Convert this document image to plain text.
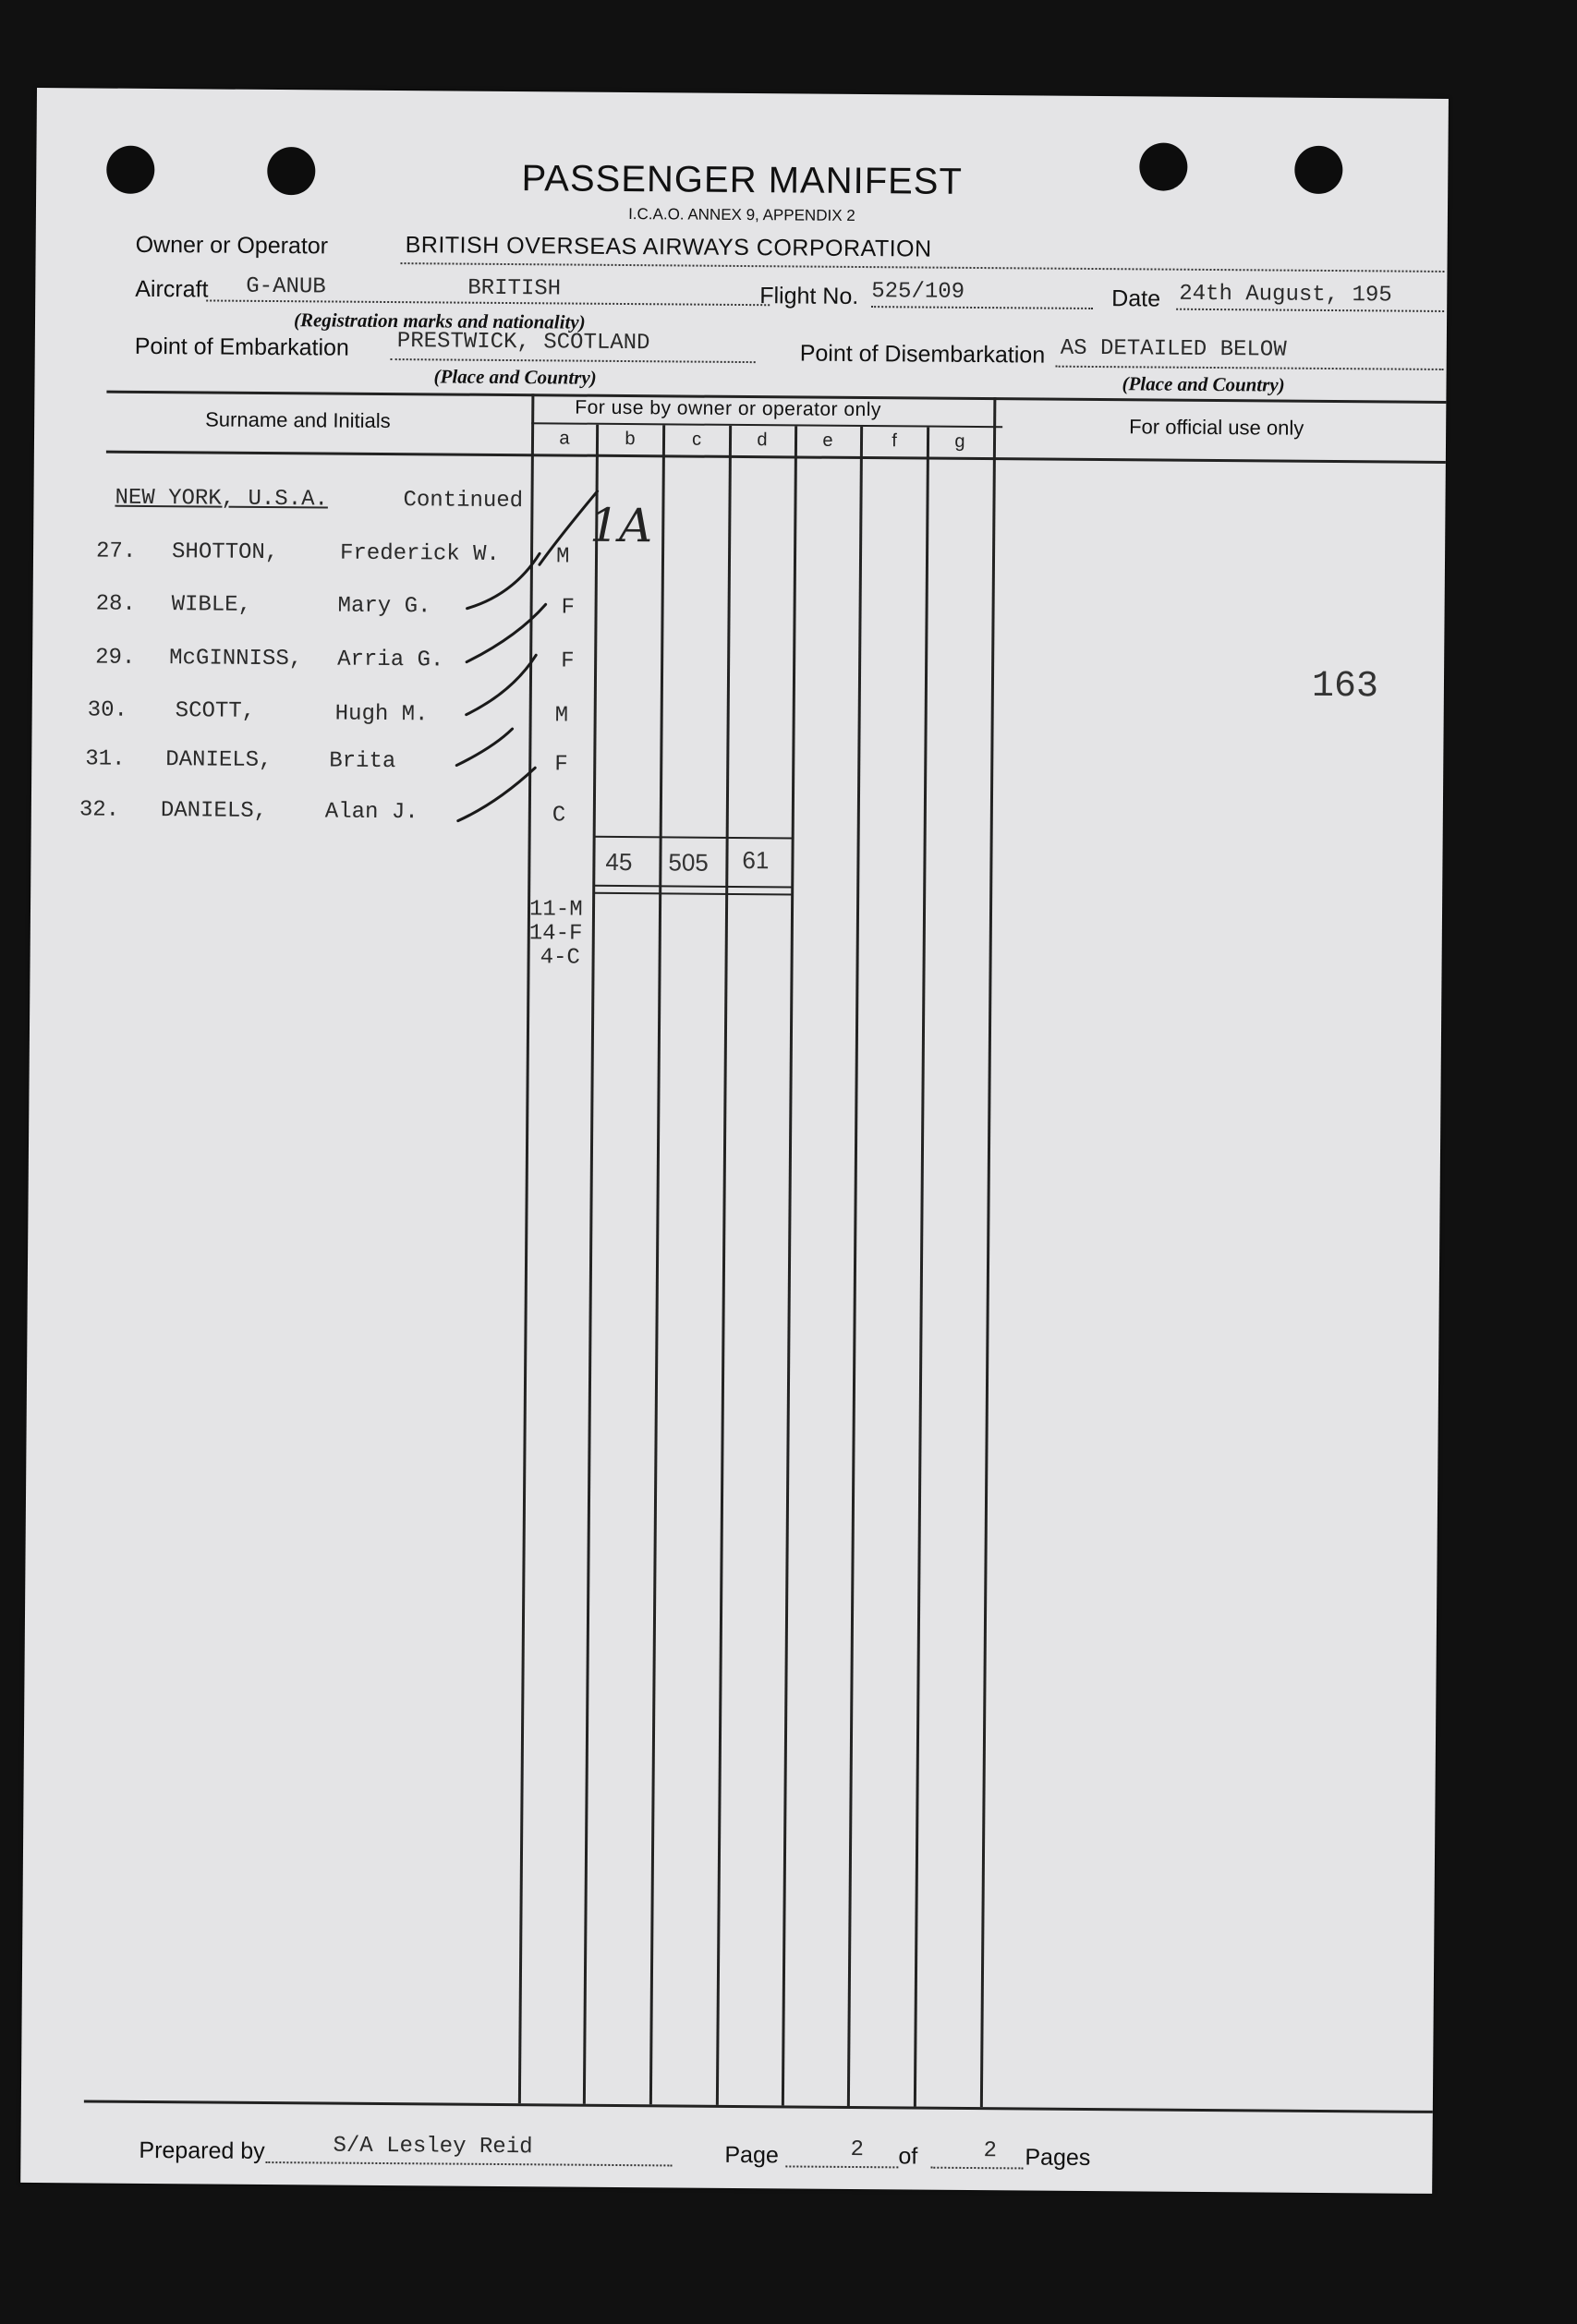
PASSENGER MANIFEST
I.C.A.O. ANNEX 9, APPENDIX 2
Owner or Operator	BRITISH OVERSEAS AIRWAYS CORPORATION
Aircraft G-ANUB	BRITISH	Flight No. 525/109	Date 24th August, 195
(Registration marks and nationality)
Point of Embarkation PRESTWICK, SCOTLAND	Point of Disembarkation AS DETAILED BELOW
(Place and Country)	(Place and Country)
Surname and Initials	For use by owner or operator only
For official use only
a	b	c	d	e	f	g
NEW YORK, U.S.A.	Continued
27. SHOTTON,	Frederick W.	M
28. WIBLE,	Mary G.	F
29. McGINNISS, Arria G.	F
30. SCOTT,	Hugh M.	M
31. DANIELS,	Brita	F
32. DANIELS,	Alan J.	C
1A
45 505 61
11-M
14-F
4-C
163
Prepared by	S/A Lesley Reid	Page	2 of	2 Pages
